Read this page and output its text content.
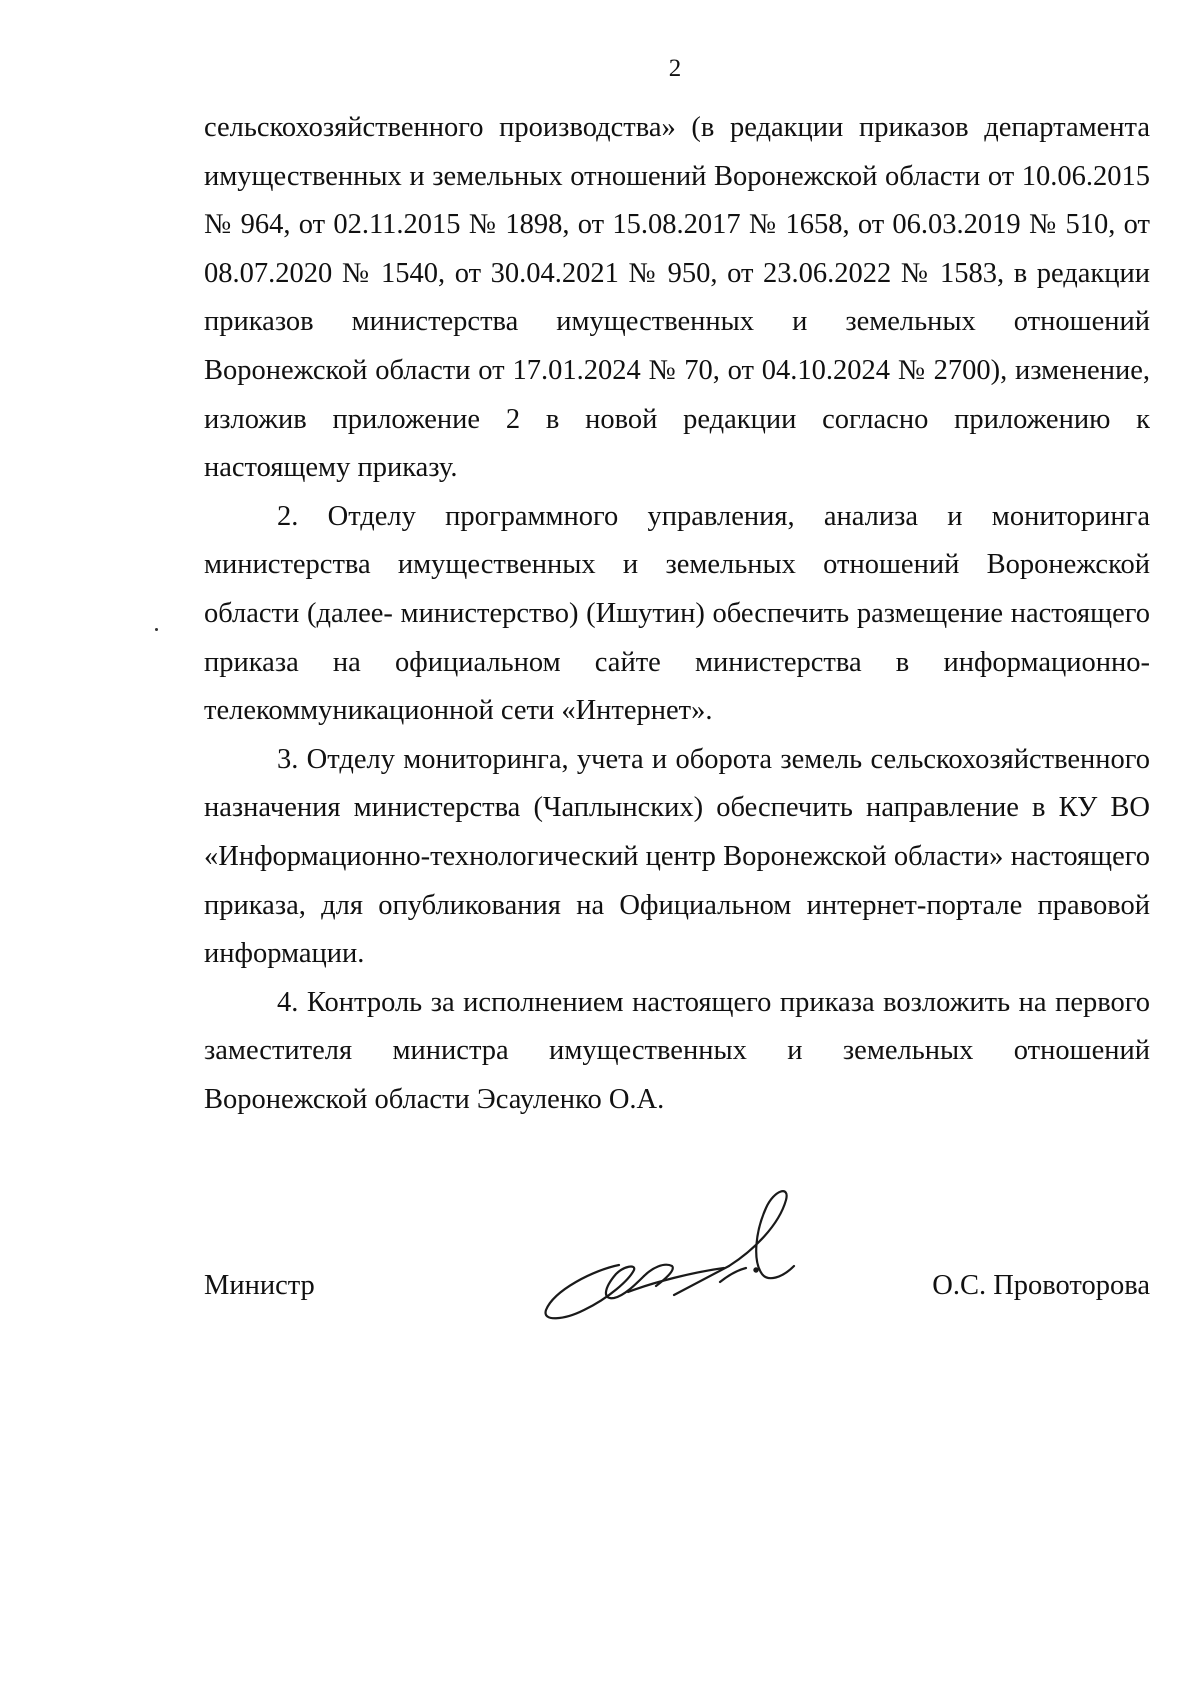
2

сельскохозяйственного производства» (в редакции приказов департамента имущественных и земельных отношений Воронежской области от 10.06.2015 № 964, от 02.11.2015 № 1898, от 15.08.2017 № 1658, от 06.03.2019 № 510, от 08.07.2020 № 1540, от 30.04.2021 № 950, от 23.06.2022 № 1583, в редакции приказов министерства имущественных и земельных отношений Воронежской области от 17.01.2024 № 70, от 04.10.2024 № 2700), изменение, изложив приложение 2 в новой редакции согласно приложению к настоящему приказу.

2. Отделу программного управления, анализа и мониторинга министерства имущественных и земельных отношений Воронежской области (далее- министерство) (Ишутин) обеспечить размещение настоящего приказа на официальном сайте министерства в информационно-телекоммуникационной сети «Интернет».

3. Отделу мониторинга, учета и оборота земель сельскохозяйственного назначения министерства (Чаплынских) обеспечить направление в КУ ВО «Информационно-технологический центр Воронежской области» настоящего приказа, для опубликования на Официальном интернет-портале правовой информации.

4. Контроль за исполнением настоящего приказа возложить на первого заместителя министра имущественных и земельных отношений Воронежской области Эсауленко О.А.

Министр	О.С. Провоторова
